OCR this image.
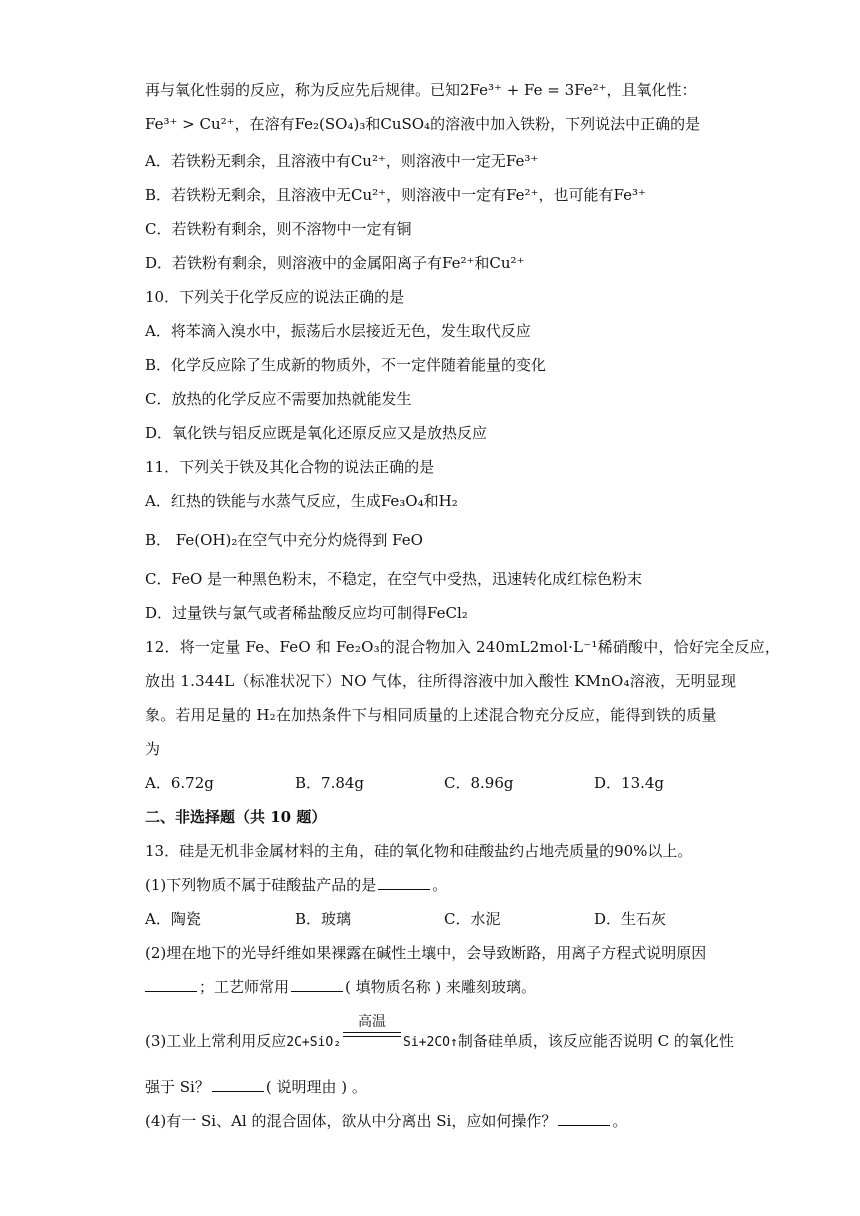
再与氧化性弱的反应，称为反应先后规律。已知2Fe³⁺ + Fe = 3Fe²⁺，且氧化性：
Fe³⁺ > Cu²⁺，在溶有Fe₂(SO₄)₃和CuSO₄的溶液中加入铁粉，下列说法中正确的是
A．若铁粉无剩余，且溶液中有Cu²⁺，则溶液中一定无Fe³⁺
B．若铁粉无剩余，且溶液中无Cu²⁺，则溶液中一定有Fe²⁺，也可能有Fe³⁺
C．若铁粉有剩余，则不溶物中一定有铜
D．若铁粉有剩余，则溶液中的金属阳离子有Fe²⁺和Cu²⁺
10．下列关于化学反应的说法正确的是
A．将苯滴入溴水中，振荡后水层接近无色，发生取代反应
B．化学反应除了生成新的物质外，不一定伴随着能量的变化
C．放热的化学反应不需要加热就能发生
D．氧化铁与铝反应既是氧化还原反应又是放热反应
11．下列关于铁及其化合物的说法正确的是
A．红热的铁能与水蒸气反应，生成Fe₃O₄和H₂
B． Fe(OH)₂在空气中充分灼烧得到 FeO
C．FeO 是一种黑色粉末，不稳定，在空气中受热，迅速转化成红棕色粉末
D．过量铁与氯气或者稀盐酸反应均可制得FeCl₂
12．将一定量 Fe、FeO 和 Fe₂O₃的混合物加入 240mL2mol·L⁻¹稀硝酸中，恰好完全反应，
放出 1.344L（标准状况下）NO 气体，往所得溶液中加入酸性 KMnO₄溶液，无明显现
象。若用足量的 H₂在加热条件下与相同质量的上述混合物充分反应，能得到铁的质量
为
A．6.72g	B．7.84g	C．8.96g	D．13.4g
二、非选择题（共 10 题）
13．硅是无机非金属材料的主角，硅的氧化物和硅酸盐约占地壳质量的90%以上。
(1)下列物质不属于硅酸盐产品的是	。
A．陶瓷	B．玻璃	C．水泥	D．生石灰
(2)埋在地下的光导纤维如果裸露在碱性土壤中，会导致断路，用离子方程式说明原因
；工艺师常用	( 填物质名称 ) 来雕刻玻璃。
(3)工业上常利用反应2C+SiO₂
高温
Si+2CO↑制备硅单质，该反应能否说明 C 的氧化性
强于 Si？	( 说明理由 ) 。
(4)有一 Si、Al 的混合固体，欲从中分离出 Si，应如何操作？	。
